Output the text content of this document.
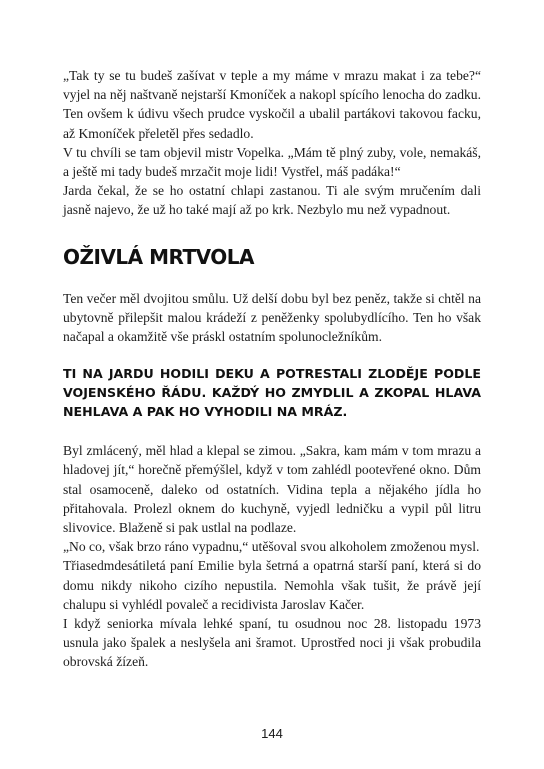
„Tak ty se tu budeš zašívat v teple a my máme v mrazu makat i za tebe?“ vyjel na něj naštvaně nejstarší Kmoníček a nakopl spícího lenocha do zadku. Ten ovšem k údivu všech prudce vyskočil a ubalil partákovi takovou facku, až Kmoníček přeletěl přes sedadlo.

V tu chvíli se tam objevil mistr Vopelka. „Mám tě plný zuby, vole, nemakáš, a ještě mi tady budeš mrzačit moje lidi! Vystřel, máš padáka!“

Jarda čekal, že se ho ostatní chlapi zastanou. Ti ale svým mručením dali jasně najevo, že už ho také mají až po krk. Nezbylo mu než vypadnout.

OŽIVLÁ MRTVOLA

Ten večer měl dvojitou smůlu. Už delší dobu byl bez peněz, takže si chtěl na ubytovně přilepšit malou krádeží z peněženky spolubydlícího. Ten ho však načapal a okamžitě vše práskl ostatním spolunocležníkům.

TI NA JARDU HODILI DEKU A POTRESTALI ZLODĚJE PODLE VOJENSKÉHO ŘÁDU. KAŽDÝ HO ZMYDLIL A ZKOPAL HLAVA NEHLAVA A PAK HO VYHODILI NA MRÁZ.

Byl zmlácený, měl hlad a klepal se zimou. „Sakra, kam mám v tom mrazu a hladovej jít,“ horečně přemýšlel, když v tom zahlédl pootevřené okno. Dům stal osamoceně, daleko od ostatních. Vidina tepla a nějakého jídla ho přitahovala. Prolezl oknem do kuchyně, vyjedl ledničku a vypil půl litru slivovice. Blaženě si pak ustlal na podlaze.

„No co, však brzo ráno vypadnu,“ utěšoval svou alkoholem zmoženou mysl.

Třiasedmdesátiletá paní Emilie byla šetrná a opatrná starší paní, která si do domu nikdy nikoho cizího nepustila. Nemohla však tušit, že právě její chalupu si vyhlédl povaleč a recidivista Jaroslav Kačer.

I když seniorka mívala lehké spaní, tu osudnou noc 28. listopadu 1973 usnula jako špalek a neslyšela ani šramot. Uprostřed noci ji však probudila obrovská žízeň.

144
